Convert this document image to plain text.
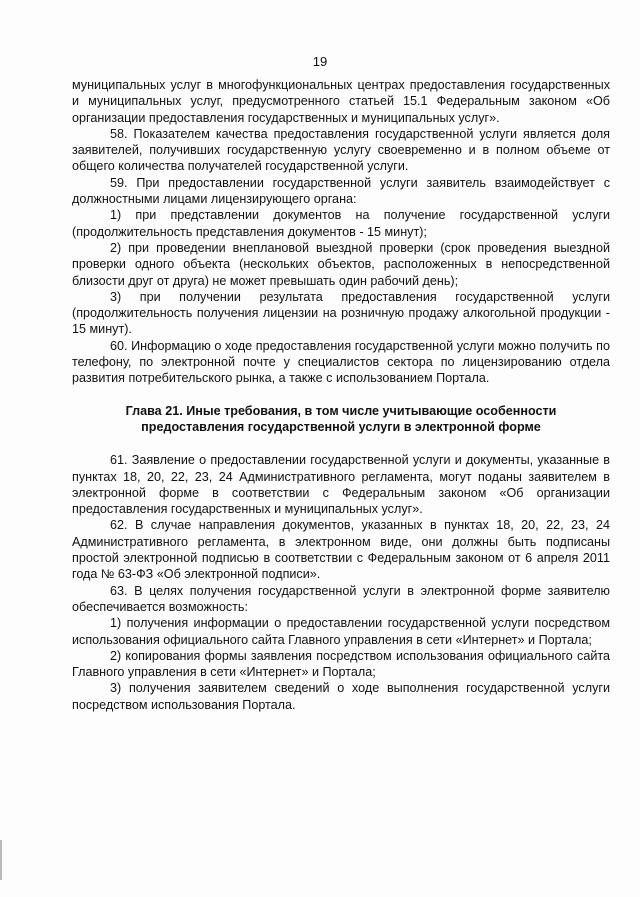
19

муниципальных услуг в многофункциональных центрах предоставления государственных и муниципальных услуг, предусмотренного статьей 15.1 Федеральным законом «Об организации предоставления государственных и муниципальных услуг».

58. Показателем качества предоставления государственной услуги является доля заявителей, получивших государственную услугу своевременно и в полном объеме от общего количества получателей государственной услуги.

59. При предоставлении государственной услуги заявитель взаимодействует с должностными лицами лицензирующего органа:

1) при представлении документов на получение государственной услуги (продолжительность представления документов - 15 минут);

2) при проведении внеплановой выездной проверки (срок проведения выездной проверки одного объекта (нескольких объектов, расположенных в непосредственной близости друг от друга) не может превышать один рабочий день);

3) при получении результата предоставления государственной услуги (продолжительность получения лицензии на розничную продажу алкогольной продукции - 15 минут).

60. Информацию о ходе предоставления государственной услуги можно получить по телефону, по электронной почте у специалистов сектора по лицензированию отдела развития потребительского рынка, а также с использованием Портала.

Глава 21. Иные требования, в том числе учитывающие особенности
предоставления государственной услуги в электронной форме

61. Заявление о предоставлении государственной услуги и документы, указанные в пунктах 18, 20, 22, 23, 24 Административного регламента, могут поданы заявителем в электронной форме в соответствии с Федеральным законом «Об организации предоставления государственных и муниципальных услуг».

62. В случае направления документов, указанных в пунктах 18, 20, 22, 23, 24 Административного регламента, в электронном виде, они должны быть подписаны простой электронной подписью в соответствии с Федеральным законом от 6 апреля 2011 года № 63-ФЗ «Об электронной подписи».

63. В целях получения государственной услуги в электронной форме заявителю обеспечивается возможность:

1) получения информации о предоставлении государственной услуги посредством использования официального сайта Главного управления в сети «Интернет» и Портала;

2) копирования формы заявления посредством использования официального сайта Главного управления в сети «Интернет» и Портала;

3) получения заявителем сведений о ходе выполнения государственной услуги посредством использования Портала.
